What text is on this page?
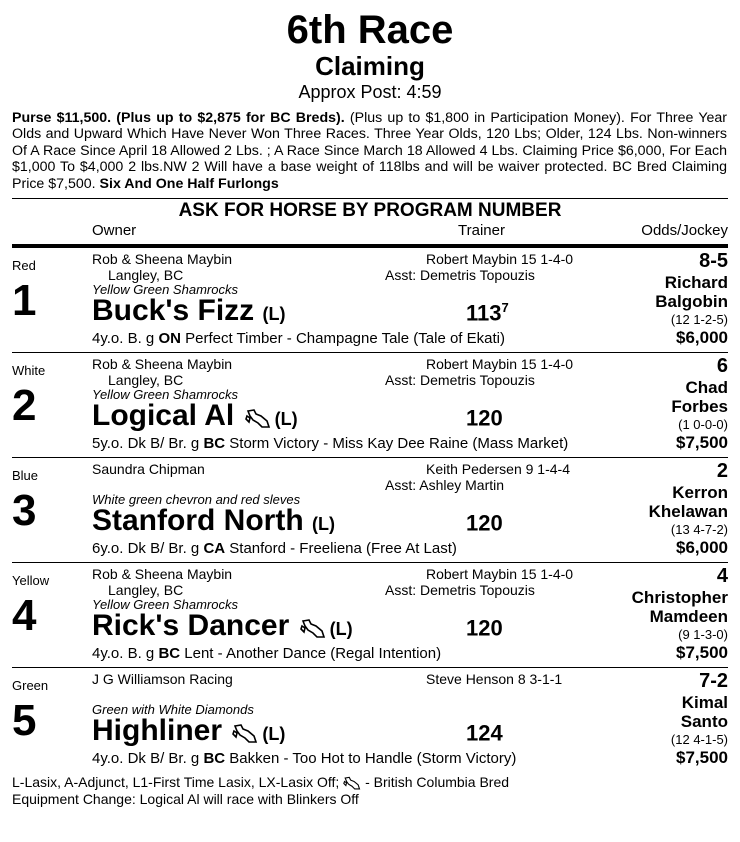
6th Race
Claiming
Approx Post: 4:59
Purse $11,500. (Plus up to $2,875 for BC Breds). (Plus up to $1,800 in Participation Money). For Three Year Olds and Upward Which Have Never Won Three Races. Three Year Olds, 120 Lbs; Older, 124 Lbs. Non-winners Of A Race Since April 18 Allowed 2 Lbs. ; A Race Since March 18 Allowed 4 Lbs. Claiming Price $6,000, For Each $1,000 To $4,000 2 lbs.NW 2 Will have a base weight of 118lbs and will be waiver protected. BC Bred Claiming Price $7,500. Six And One Half Furlongs
ASK FOR HORSE BY PROGRAM NUMBER
Owner	Trainer	Odds/Jockey
Red
1
Rob & Sheena Maybin
Langley, BC
Yellow Green Shamrocks
Buck's Fizz (L)
4y.o. B. g ON Perfect Timber - Champagne Tale (Tale of Ekati)
Robert Maybin 15 1-4-0
Asst: Demetris Topouzis
$113^7$
8-5
Richard
Balgobin
(12 1-2-5)
$6,000
White
2
Rob & Sheena Maybin
Langley, BC
Yellow Green Shamrocks
Logical Al (L)
5y.o. Dk B/ Br. g BC Storm Victory - Miss Kay Dee Raine (Mass Market)
Robert Maybin 15 1-4-0
Asst: Demetris Topouzis
120
6
Chad
Forbes
(1 0-0-0)
$7,500
Blue
3
Saundra Chipman
White green chevron and red sleves
Stanford North (L)
6y.o. Dk B/ Br. g CA Stanford - Freeliena (Free At Last)
Keith Pedersen 9 1-4-4
Asst: Ashley Martin
120
2
Kerron
Khelawan
(13 4-7-2)
$6,000
Yellow
4
Rob & Sheena Maybin
Langley, BC
Yellow Green Shamrocks
Rick's Dancer (L)
4y.o. B. g BC Lent - Another Dance (Regal Intention)
Robert Maybin 15 1-4-0
Asst: Demetris Topouzis
120
4
Christopher
Mamdeen
(9 1-3-0)
$7,500
Green
5
J G Williamson Racing
Green with White Diamonds
Highliner (L)
4y.o. Dk B/ Br. g BC Bakken - Too Hot to Handle (Storm Victory)
Steve Henson 8 3-1-1
124
7-2
Kimal
Santo
(12 4-1-5)
$7,500
L-Lasix, A-Adjunct, L1-First Time Lasix, LX-Lasix Off;  - British Columbia Bred
Equipment Change: Logical Al will race with Blinkers Off
